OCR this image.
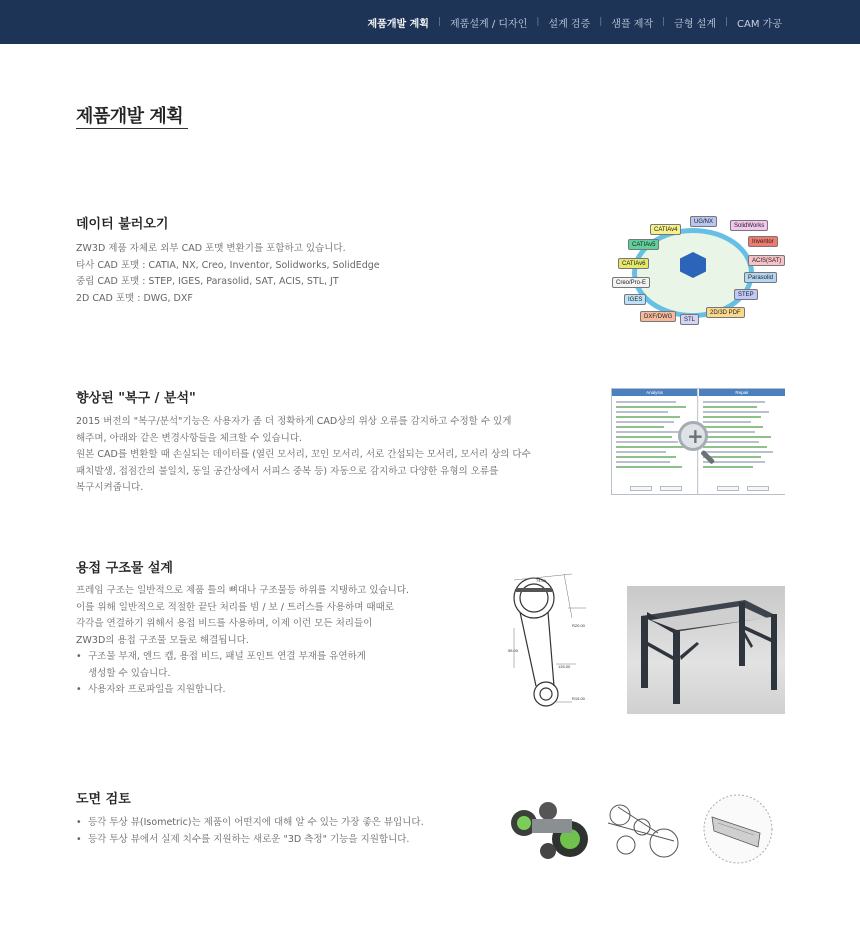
제품개발 계획 | 제품설계 / 디자인 | 설계 검증 | 샘플 제작 | 금형 설계 | CAM 가공
제품개발 계획
데이터 불러오기

ZW3D 제품 자체로 외부 CAD 포맷 변환기를 포함하고 있습니다.

타사 CAD 포맷 : CATIA, NX, Creo, Inventor, Solidworks, SolidEdge

중립 CAD 포맷 : STEP, IGES, Parasolid, SAT, ACIS, STL, JT

2D CAD 포맷 : DWG, DXF

UG/NX
SolidWorks
CATIAv4
Inventor
CATIAv5
ACIS(SAT)
CATIAv6
Parasolid
Creo/Pro-E
STEP
IGES
2D/3D PDF
DXF/DWG	STL
향상된 "복구 / 분석"

2015 버전의 "복구/분석"기능은 사용자가 좀 더 정확하게 CAD상의 위상 오류를 감지하고 수정할 수 있게

해주며, 아래와 같은 변경사항들을 체크할 수 있습니다.

원본 CAD를 변환할 때 손실되는 데이터를 (열린 모서리, 꼬인 모서리, 서로 간섭되는 모서리, 모서리 상의 다수

패치발생, 접점간의 불일치, 동일 공간상에서 서피스 중복 등) 자동으로 감지하고 다양한 유형의 오류를

복구시켜줍니다.

Analysis	Repair
+
용접 구조물 설계

프레임 구조는 일반적으로 제품 틀의 뼈대나 구조물등 하위를 지탱하고 있습니다.

이를 위해 일반적으로 적절한 끝단 처리를 빔 / 보 / 트러스를 사용하며 때때로

각각을 연결하기 위해서 용접 비드를 사용하며, 이제 이런 모든 처리들이

ZW3D의 용접 구조물 모듈로 해결됩니다.

• 구조물 부재, 엔드 캡, 용접 비드, 패널 포인트 연결 부재를 유연하게
생성할 수 있습니다.
• 사용자와 프로파일을 지원합니다.
74.00
R20.00
96.00
126.00
R15.00
도면 검토
• 등각 투상 뷰(Isometric)는 제품이 어떤지에 대해 알 수 있는 가장 좋은 뷰입니다.
• 등각 투상 뷰에서 실제 치수를 지원하는 새로운 "3D 측정" 기능을 지원합니다.
